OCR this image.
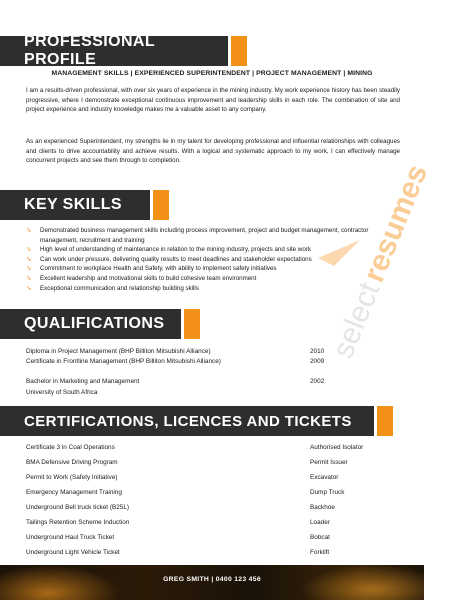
select
resumes
PROFESSIONAL PROFILE
MANAGEMENT SKILLS | EXPERIENCED SUPERINTENDENT | PROJECT MANAGEMENT | MINING
I am a results-driven professional, with over six years of experience in the mining industry. My work experience history has been steadily progressive, where I demonstrate exceptional continuous improvement and leadership skills in each role. The combination of site and project experience and industry knowledge makes me a valuable asset to any company.
As an experienced Superintendent, my strengths lie in my talent for developing professional and influential relationships with colleagues and clients to drive accountability and achieve results. With a logical and systematic approach to my work, I can effectively manage concurrent projects and see them through to completion.
KEY SKILLS
➘ Demonstrated business management skills including process improvement, project and budget management, contractor management, recruitment and training
➘ High level of understanding of maintenance in relation to the mining industry, projects and site work
➘ Can work under pressure, delivering quality results to meet deadlines and stakeholder expectations
➘ Commitment to workplace Health and Safety, with ability to implement safety initiatives
➘ Excellent leadership and motivational skills to build cohesive team environment
➘ Exceptional communication and relationship building skills
QUALIFICATIONS
Diploma in Project Management (BHP Billiton Mitsubishi Alliance)	2010
Certificate in Frontline Management (BHP Billiton Mitsubishi Alliance)	2009
Bachelor in Marketing and Management	2002
University of South Africa
CERTIFICATIONS, LICENCES AND TICKETS
Certificate 3 in Coal Operations	Authorised Isolator
BMA Defensive Driving Program	Permit Issuer
Permit to Work (Safety Initiative)	Excavator
Emergency Management Training	Dump Truck
Underground Bell truck ticket (B25L)	Backhoe
Tailings Retention Scheme Induction	Loader
Underground Haul Truck Ticket	Bobcat
Underground Light Vehicle Ticket	Forklift
GREG SMITH | 0400 123 456
